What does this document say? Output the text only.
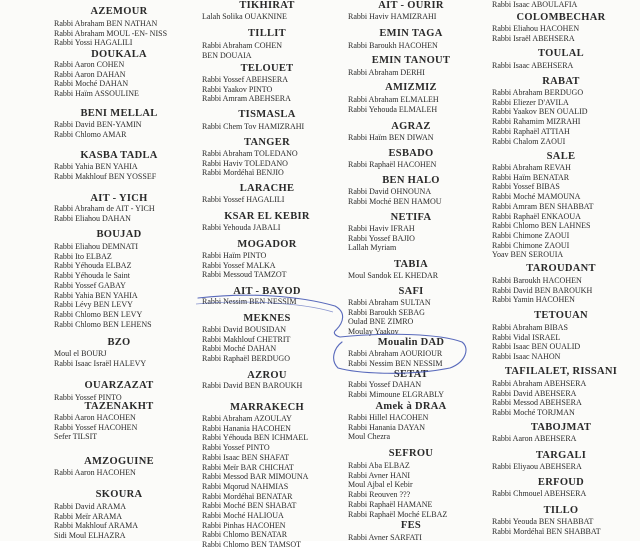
AZEMOUR
Rabbi Abraham BEN NATHAN
Rabbi Abraham MOUL -EN- NISS
Rabbi Yossi HAGALILI
DOUKALA
Rabbi Aaron COHEN
Rabbi Aaron DAHAN
Rabbi Moché DAHAN
Rabbi Haïm ASSOULINE
BENI MELLAL
Rabbi David BEN-YAMIN
Rabbi Chlomo AMAR
KASBA TADLA
Rabbi Yahia BEN YAHIA
Rabbi Makhlouf BEN YOSSEF
AIT - YICH
Rabbi Abraham de AIT - YICH
Rabbi Eliahou DAHAN
BOUJAD
Rabbi Eliahou DEMNATI
Rabbi Ito ELBAZ
Rabbi Yéhouda ELBAZ
Rabbi Yéhouda le Saint
Rabbi Yossef GABAY
Rabbi Yahia BEN YAHIA
Rabbi Lévy BEN LEVY
Rabbi Chlomo BEN LEVY
Rabbi Chlomo BEN LEHENS
BZO
Moul el BOURJ
Rabbi Isaac Israël HALEVY
OUARZAZAT
Rabbi Yossef PINTO
TAZENAKHT
Rabbi Aaron HACOHEN
Rabbi Yossef HACOHEN
Sefer TILSIT
AMZOGUINE
Rabbi Aaron HACOHEN
SKOURA
Rabbi David ARAMA
Rabbi Meïr ARAMA
Rabbi Makhlouf ARAMA
Sidi Moul ELHAZRA
TIKHIRAT
Lalah Solika OUAKNINE
TILLIT
Rabbi Abraham COHEN
BEN DOUAIA
TELOUET
Rabbi Yossef ABEHSERA
Rabbi Yaakov PINTO
Rabbi Amram ABEHSERA
TISMASLA
Rabbi Chem Tov HAMIZRAHI
TANGER
Rabbi Abraham TOLEDANO
Rabbi Haviv TOLEDANO
Rabbi Mordéhaï BENJIO
LARACHE
Rabbi Yossef HAGALILI
KSAR EL KEBIR
Rabbi Yehouda JABALI
MOGADOR
Rabbi Haïm PINTO
Rabbi Yossef MALKA
Rabbi Messoud TAMZOT
AIT - BAYOD
Rabbi Nessim BEN NESSIM
MEKNES
Rabbi David BOUSIDAN
Rabbi Makhlouf CHETRIT
Rabbi Moché DAHAN
Rabbi Raphaël BERDUGO
AZROU
Rabbi David BEN BAROUKH
MARRAKECH
Rabbi Abraham AZOULAY
Rabbi Hanania HACOHEN
Rabbi Yéhouda BEN ICHMAEL
Rabbi Yossef PINTO
Rabbi Isaac BEN SHAFAT
Rabbi Meïr BAR CHICHAT
Rabbi Messod BAR MIMOUNA
Rabbi Mqorud NAHMIAS
Rabbi Mordéhaï BENATAR
Rabbi Moché BEN SHABAT
Rabbi Moché HALIOUA
Rabbi Pinhas HACOHEN
Rabbi Chlomo BENATAR
Rabbi Chlomo BEN TAMSOT
AIT - OURIR
Rabbi Haviv HAMIZRAHI
EMIN TAGA
Rabbi Baroukh HACOHEN
EMIN TANOUT
Rabbi Abraham DERHI
AMIZMIZ
Rabbi Abraham ELMALEH
Rabbi Yehouda ELMALEH
AGRAZ
Rabbi Haïm BEN DIWAN
ESBADO
Rabbi Raphaël HACOHEN
BEN HALO
Rabbi David OHNOUNA
Rabbi Moché BEN HAMOU
NETIFA
Rabbi Haviv IFRAH
Rabbi Yossef BAJIO
Lallah Myriam
TABIA
Moul Sandok EL KHEDAR
SAFI
Rabbi Abraham SULTAN
Rabbi Baroukh SEBAG
Oulad BNE ZIMRO
Moulay Yaakov
Moualin DAD
Rabbi Abraham AOURIOUR
Rabbi Nessim BEN NESSIM
SETAT
Rabbi Yossef DAHAN
Rabbi Mimoune ELGRABLY
Amek à DRAA
Rabbi Hillel HACOHEN
Rabbi Hanania DAYAN
Moul Chezra
SEFROU
Rabbi Aba ELBAZ
Rabbi Avner HANI
Moul Ajbal el Kebir
Rabbi Reouven ???
Rabbi Raphaël HAMANE
Rabbi Raphaël Moché ELBAZ
FES
Rabbi Avner SARFATI
Rabbi Isaac ABOULAFIA
COLOMBECHAR
Rabbi Eliahou HACOHEN
Rabbi Israël ABEHSERA
TOULAL
Rabbi Isaac ABEHSERA
RABAT
Rabbi Abraham BERDUGO
Rabbi Eliezer D'AVILA
Rabbi Yaakov BEN OUALID
Rabbi Rahamim MIZRAHI
Rabbi Raphaël ATTIAH
Rabbi Chalom ZAOUI
SALE
Rabbi Abraham REVAH
Rabbi Haïm BENATAR
Rabbi Yossef BIBAS
Rabbi Moché MAMOUNA
Rabbi Amram BEN SHABBAT
Rabbi Raphaël ENKAOUA
Rabbi Chlomo BEN LAHNES
Rabbi Chimone ZAOUI
Rabbi Chimone ZAOUI
Yoav BEN SEROUIA
TAROUDANT
Rabbi Baroukh HACOHEN
Rabbi David BEN BAROUKH
Rabbi Yamin HACOHEN
TETOUAN
Rabbi Abraham BIBAS
Rabbi Vidal ISRAEL
Rabbi Isaac BEN OUALID
Rabbi Isaac NAHON
TAFILALET, RISSANI
Rabbi Abraham ABEHSERA
Rabbi David ABEHSERA
Rabbi Messod ABEHSERA
Rabbi Moché TORJMAN
TABOJMAT
Rabbi Aaron ABEHSERA
TARGALI
Rabbi Eliyaou ABEHSERA
ERFOUD
Rabbi Chmouel ABEHSERA
TILLO
Rabbi Yeouda BEN SHABBAT
Rabbi Mordéhaï BEN SHABBAT
